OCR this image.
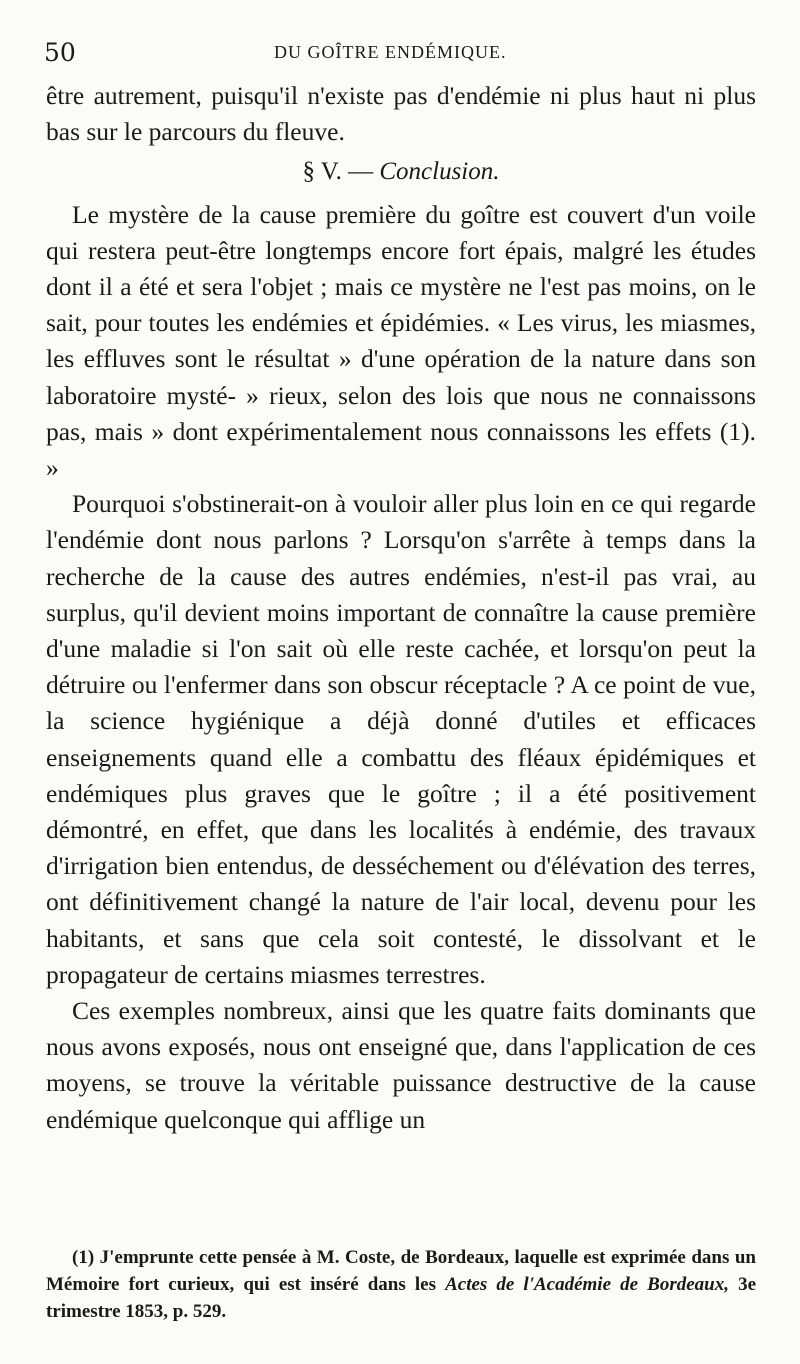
50	DU GOÎTRE ENDÉMIQUE.

être autrement, puisqu'il n'existe pas d'endémie ni plus haut ni plus bas sur le parcours du fleuve.

§ V. — Conclusion.

Le mystère de la cause première du goître est couvert d'un voile qui restera peut-être longtemps encore fort épais, malgré les études dont il a été et sera l'objet ; mais ce mystère ne l'est pas moins, on le sait, pour toutes les endémies et épidémies. « Les virus, les miasmes, les effluves sont le résultat » d'une opération de la nature dans son laboratoire mysté- » rieux, selon des lois que nous ne connaissons pas, mais » dont expérimentalement nous connaissons les effets (1). »

Pourquoi s'obstinerait-on à vouloir aller plus loin en ce qui regarde l'endémie dont nous parlons ? Lorsqu'on s'arrête à temps dans la recherche de la cause des autres endémies, n'est-il pas vrai, au surplus, qu'il devient moins important de connaître la cause première d'une maladie si l'on sait où elle reste cachée, et lorsqu'on peut la détruire ou l'enfermer dans son obscur réceptacle ? A ce point de vue, la science hygiénique a déjà donné d'utiles et efficaces enseignements quand elle a combattu des fléaux épidémiques et endémiques plus graves que le goître ; il a été positivement démontré, en effet, que dans les localités à endémie, des travaux d'irrigation bien entendus, de desséchement ou d'élévation des terres, ont définitivement changé la nature de l'air local, devenu pour les habitants, et sans que cela soit contesté, le dissolvant et le propagateur de certains miasmes terrestres.

Ces exemples nombreux, ainsi que les quatre faits dominants que nous avons exposés, nous ont enseigné que, dans l'application de ces moyens, se trouve la véritable puissance destructive de la cause endémique quelconque qui afflige un

(1) J'emprunte cette pensée à M. Coste, de Bordeaux, laquelle est exprimée dans un Mémoire fort curieux, qui est inséré dans les Actes de l'Académie de Bordeaux, 3e trimestre 1853, p. 529.
